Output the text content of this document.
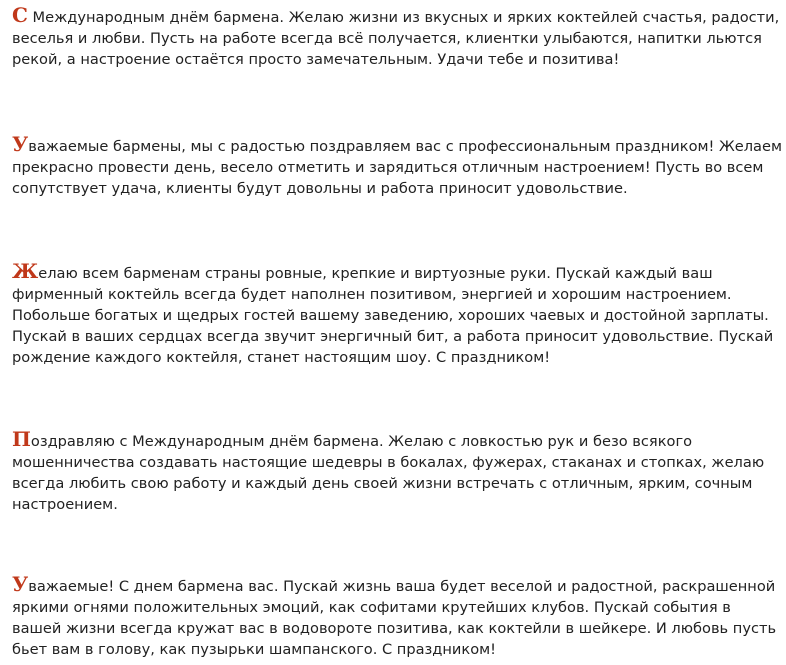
С Международным днём бармена. Желаю жизни из вкусных и ярких коктейлей счастья, радости, веселья и любви. Пусть на работе всегда всё получается, клиентки улыбаются, напитки льются рекой, а настроение остаётся просто замечательным. Удачи тебе и позитива!

Уважаемые бармены, мы с радостью поздравляем вас с профессиональным праздником! Желаем прекрасно провести день, весело отметить и зарядиться отличным настроением! Пусть во всем сопутствует удача, клиенты будут довольны и работа приносит удовольствие.

Желаю всем барменам страны ровные, крепкие и виртуозные руки. Пускай каждый ваш фирменный коктейль всегда будет наполнен позитивом, энергией и хорошим настроением. Побольше богатых и щедрых гостей вашему заведению, хороших чаевых и достойной зарплаты. Пускай в ваших сердцах всегда звучит энергичный бит, а работа приносит удовольствие. Пускай рождение каждого коктейля, станет настоящим шоу. С праздником!

Поздравляю с Международным днём бармена. Желаю с ловкостью рук и безо всякого мошенничества создавать настоящие шедевры в бокалах, фужерах, стаканах и стопках, желаю всегда любить свою работу и каждый день своей жизни встречать с отличным, ярким, сочным настроением.

Уважаемые! С днем бармена вас. Пускай жизнь ваша будет веселой и радостной, раскрашенной яркими огнями положительных эмоций, как софитами крутейших клубов. Пускай события в вашей жизни всегда кружат вас в водовороте позитива, как коктейли в шейкере. И любовь пусть бьет вам в голову, как пузырьки шампанского. С праздником!
